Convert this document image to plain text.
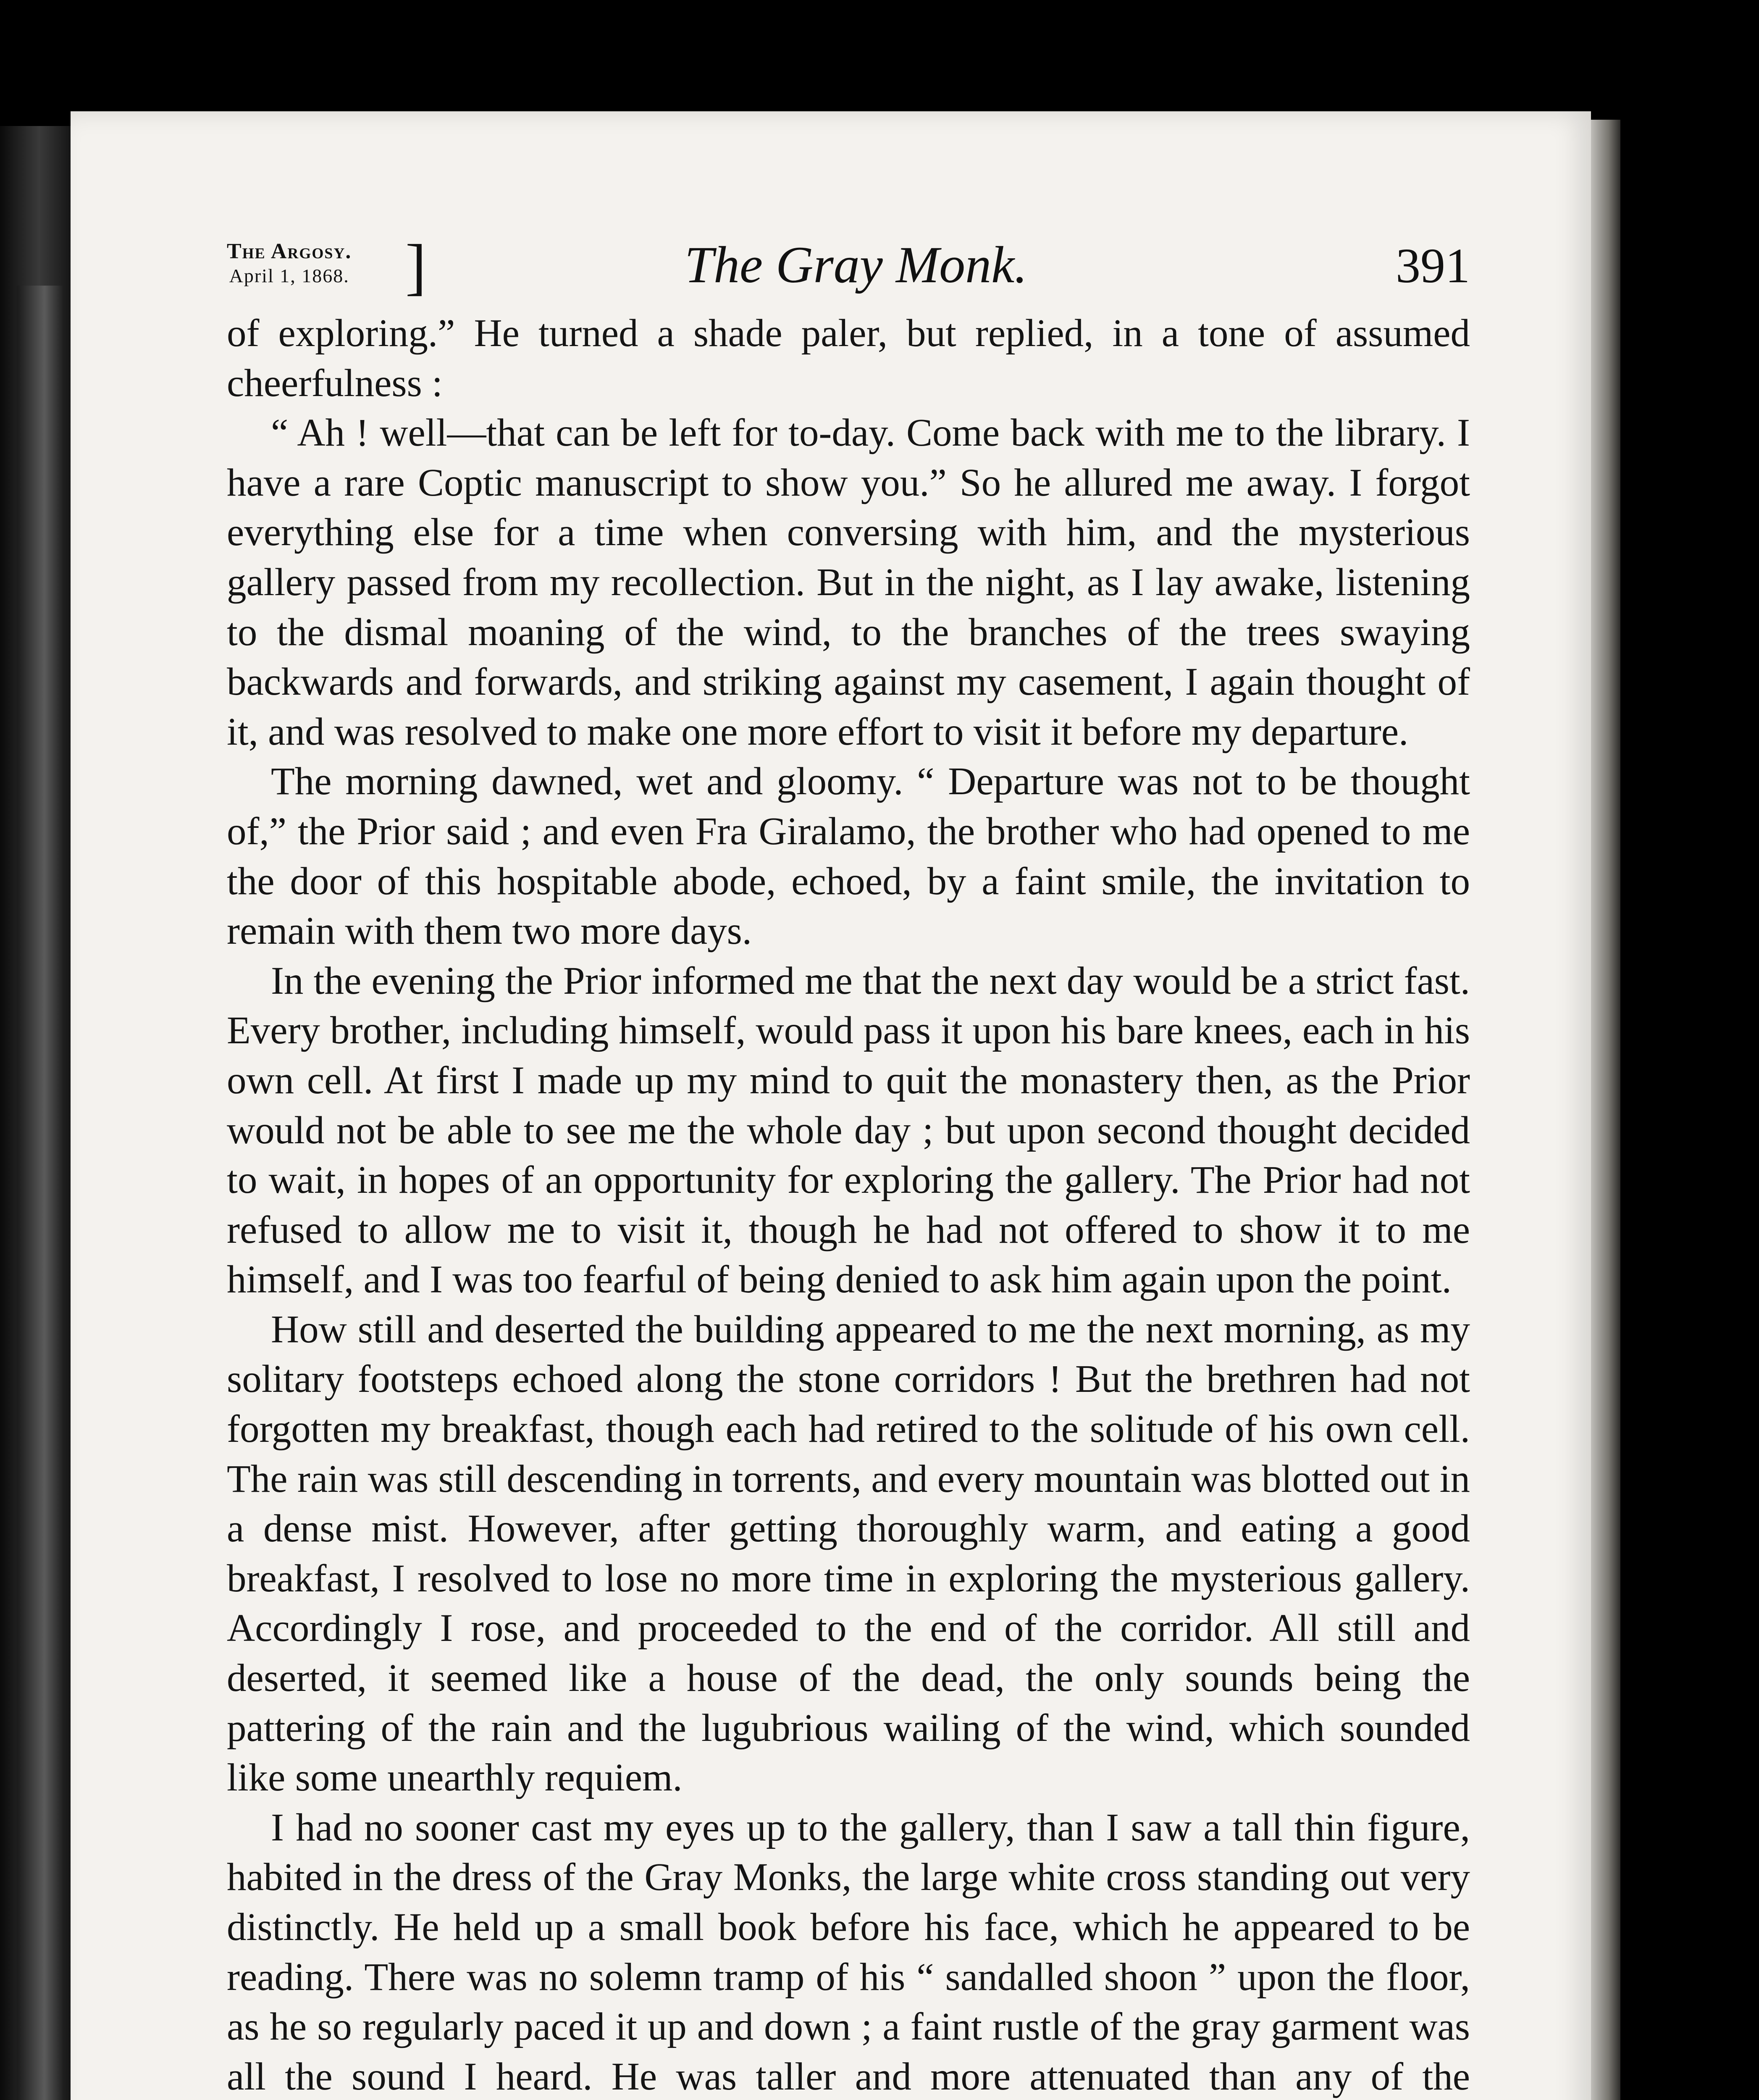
The Argosy.
April 1, 1868. ]	The Gray Monk.	391

of exploring.” He turned a shade paler, but replied, in a tone of assumed cheerfulness :

“ Ah ! well—that can be left for to-day. Come back with me to the library. I have a rare Coptic manuscript to show you.” So he allured me away. I forgot everything else for a time when conversing with him, and the mysterious gallery passed from my recollection. But in the night, as I lay awake, listening to the dismal moaning of the wind, to the branches of the trees swaying backwards and forwards, and striking against my casement, I again thought of it, and was resolved to make one more effort to visit it before my departure.

The morning dawned, wet and gloomy. “ Departure was not to be thought of,” the Prior said ; and even Fra Giralamo, the brother who had opened to me the door of this hospitable abode, echoed, by a faint smile, the invitation to remain with them two more days.

In the evening the Prior informed me that the next day would be a strict fast. Every brother, including himself, would pass it upon his bare knees, each in his own cell. At first I made up my mind to quit the monastery then, as the Prior would not be able to see me the whole day ; but upon second thought decided to wait, in hopes of an opportunity for exploring the gallery. The Prior had not refused to allow me to visit it, though he had not offered to show it to me himself, and I was too fearful of being denied to ask him again upon the point.

How still and deserted the building appeared to me the next morning, as my solitary footsteps echoed along the stone corridors ! But the brethren had not forgotten my breakfast, though each had retired to the solitude of his own cell. The rain was still descending in torrents, and every mountain was blotted out in a dense mist. However, after getting thoroughly warm, and eating a good breakfast, I resolved to lose no more time in exploring the mysterious gallery. Accordingly I rose, and proceeded to the end of the corridor. All still and deserted, it seemed like a house of the dead, the only sounds being the pattering of the rain and the lugubrious wailing of the wind, which sounded like some unearthly requiem.

I had no sooner cast my eyes up to the gallery, than I saw a tall thin figure, habited in the dress of the Gray Monks, the large white cross standing out very distinctly. He held up a small book before his face, which he appeared to be reading. There was no solemn tramp of his “ sandalled shoon ” upon the floor, as he so regularly paced it up and down ; a faint rustle of the gray garment was all the sound I heard. He was taller and more attenuated than any of the
